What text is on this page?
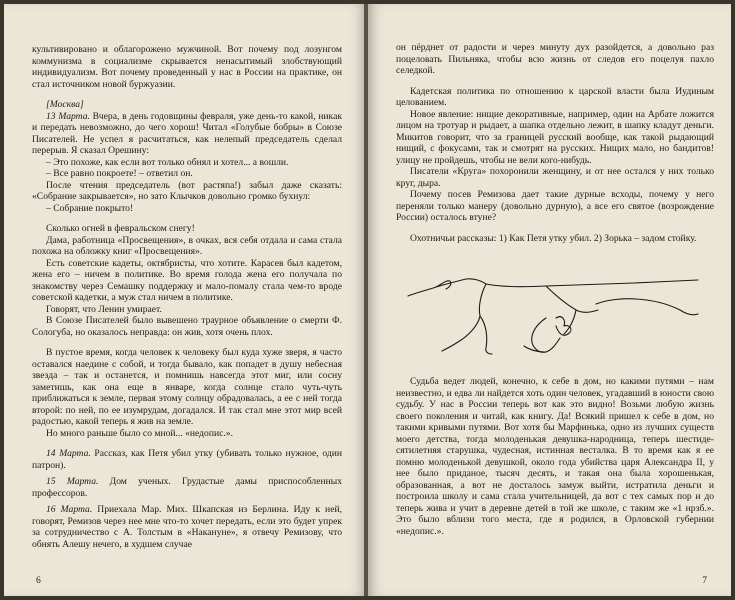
культивировано и облагорожено мужчиной. Вот почему под лозунгом коммунизма в социализме скрывается ненасытимый злобствующий индивидуализм. Вот почему проведенный у нас в России на практике, он стал источником новой буржуазии.

[Москва]

13 Марта. Вчера, в день годовщины февраля, уже день-то какой, никак и передать невозможно, до чего хорош! Читал «Голубые бобры» в Союзе Писателей. Не успел я расчитаться, как нелепый председатель сделал перерыв. Я сказал Орешину:

– Это похоже, как если вот только обнял и хотел... а вошли.

– Все равно покроете! – ответил он.

После чтения председатель (вот растяпа!) забыл даже сказать: «Собрание закрывается», но зато Клычков довольно громко бухнул:

– Собрание покрыто!

Сколько огней в февральском снегу!

Дама, работница «Просвещения», в очках, вся себя отдала и сама стала похожа на обложку книг «Просвещения».

Есть советские кадеты, октябристы, что хотите. Карасев был кадетом, жена его – ничем в политике. Во время голода жена его получала по знакомству через Семашку поддержку и мало-помалу стала чем-то вроде советской кадетки, а муж стал ничем в политике.

Говорят, что Ленин умирает.

В Союзе Писателей было вывешено траурное объявление о смерти Ф. Сологуба, но оказалось неправда: он жив, хотя очень плох.

В пустое время, когда человек к человеку был куда хуже зверя, я часто оставался наедине с собой, и тогда бывало, как попадет в душу небесная звезда – так и останется, и помнишь навсегда этот миг, или сосну заметишь, как она еще в январе, когда солнце стало чуть-чуть приближаться к земле, первая этому солнцу обрадовалась, а ее с ней тогда второй: по ней, по ее изумрудам, догадался. И так стал мне этот мир всей радостью, какой теперь я жив на земле.

Но много раньше было со мной... «недопис.».

14 Марта. Рассказ, как Петя убил утку (убивать только нужное, один патрон).

15 Марта. Дом ученых. Грудастые дамы приспособленных профессоров.

16 Марта. Приехала Мар. Мих. Шкапская из Берлина. Иду к ней, говорят, Ремизов через нее мне что-то хочет передать, если это будет упрек за сотрудничество с А. Толстым в «Накануне», я отвечу Ремизову, что обнять Алешу нечего, в худшем случае

6

он пёрднет от радости и через минуту дух разойдется, а довольно раз поцеловать Пильняка, чтобы всю жизнь от следов его поцелуя пахло селедкой.

Кадетская политика по отношению к царской власти была Иудиным целованием.

Новое явление: нищие декоративные, например, один на Арбате ложится лицом на тротуар и рыдает, а шапка отдельно лежит, в шапку кладут деньги. Микитов говорит, что за границей русский вообще, как такой рыдающий нищий, с фокусами, так и смотрят на русских. Нищих мало, но бандитов! улицу не пройдешь, чтобы не вели кого-нибудь.

Писатели «Круга» похоронили женщину, и от нее остался у них только круг, дыра.

Почему посев Ремизова дает такие дурные всходы, почему у него переняли только манеру (довольно дурную), а все его святое (возрождение России) осталось втуне?

Охотничьи рассказы: 1) Как Петя утку убил. 2) Зорька – задом стойку.

Судьба ведет людей, конечно, к себе в дом, но какими путями – нам неизвестно, и едва ли найдется хоть один человек, угадавший в юности свою судьбу. У нас в России теперь вот как это видно! Возьми любую жизнь своего поколения и читай, как книгу. Да! Всякий пришел к себе в дом, но такими кривыми путями. Вот хотя бы Марфинька, одно из лучших существ моего детства, тогда молоденькая девушка-народница, теперь шестидесятилетняя старушка, чудесная, истинная весталка. В то время как я ее помню молоденькой девушкой, около года убийства царя Александра II, у нее было приданое, тысяч десять, и такая она была хорошенькая, образованная, а вот не досталось замуж выйти, истратила деньги и построила школу и сама стала учительницей, да вот с тех самых пор и до теперь жива и учит в деревне детей в той же школе, с таким же «1 нрзб.». Это было вблизи того места, где я родился, в Орловской губернии «недопис.».

7
